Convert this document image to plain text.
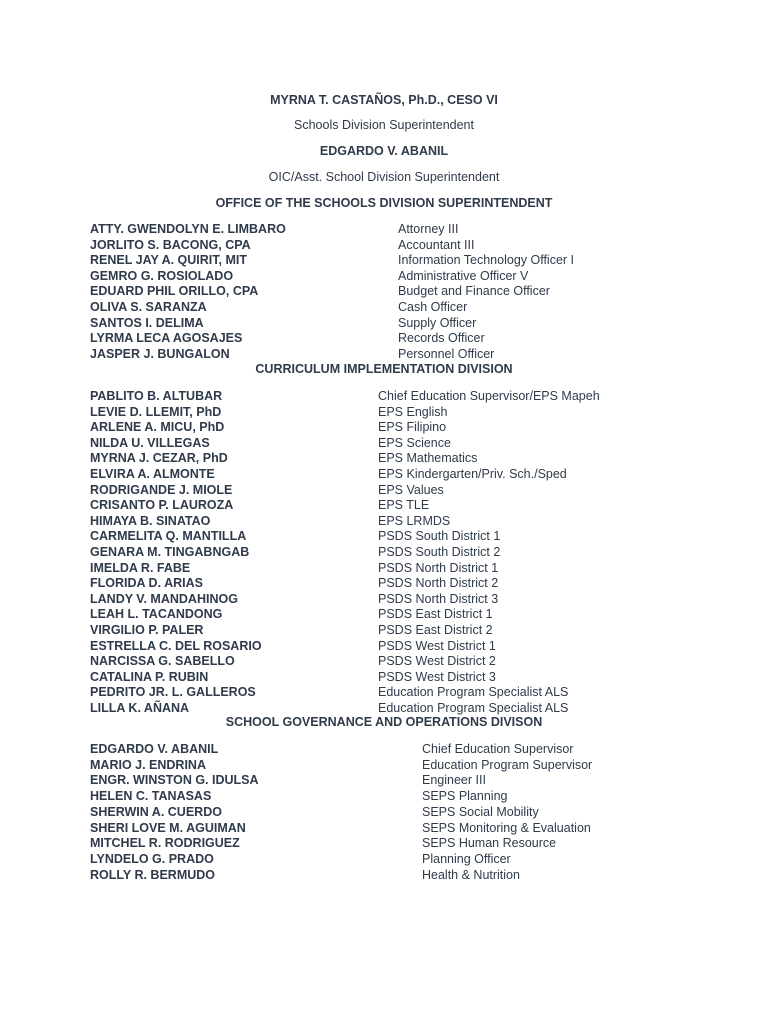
MYRNA T. CASTAÑOS, Ph.D., CESO VI
Schools Division Superintendent
EDGARDO V. ABANIL
OIC/Asst. School Division Superintendent
OFFICE OF THE SCHOOLS DIVISION SUPERINTENDENT
ATTY. GWENDOLYN E. LIMBARO	Attorney III
JORLITO S. BACONG, CPA	Accountant III
RENEL JAY A. QUIRIT, MIT	Information Technology Officer I
GEMRO G. ROSIOLADO	Administrative Officer V
EDUARD PHIL ORILLO, CPA	Budget and Finance Officer
OLIVA S. SARANZA	Cash Officer
SANTOS I. DELIMA	Supply Officer
LYRMA LECA AGOSAJES	Records Officer
JASPER J. BUNGALON	Personnel Officer
CURRICULUM IMPLEMENTATION DIVISION
PABLITO B. ALTUBAR	Chief Education Supervisor/EPS Mapeh
LEVIE D. LLEMIT, PhD	EPS English
ARLENE A. MICU, PhD	EPS Filipino
NILDA U. VILLEGAS	EPS Science
MYRNA J. CEZAR, PhD	EPS Mathematics
ELVIRA A. ALMONTE	EPS Kindergarten/Priv. Sch./Sped
RODRIGANDE J. MIOLE	EPS Values
CRISANTO P. LAUROZA	EPS TLE
HIMAYA B. SINATAO	EPS LRMDS
CARMELITA Q. MANTILLA	PSDS South District 1
GENARA M. TINGABNGAB	PSDS South District 2
IMELDA R. FABE	PSDS North District 1
FLORIDA D. ARIAS	PSDS North District 2
LANDY V. MANDAHINOG	PSDS North District 3
LEAH L. TACANDONG	PSDS East District 1
VIRGILIO P. PALER	PSDS East District 2
ESTRELLA C. DEL ROSARIO	PSDS West District 1
NARCISSA G. SABELLO	PSDS West District 2
CATALINA P. RUBIN	PSDS West District 3
PEDRITO JR. L. GALLEROS	Education Program Specialist ALS
LILLA K. AÑANA	Education Program Specialist ALS
SCHOOL GOVERNANCE AND OPERATIONS DIVISON
EDGARDO V. ABANIL	Chief Education Supervisor
MARIO J. ENDRINA	Education Program Supervisor
ENGR. WINSTON G. IDULSA	Engineer III
HELEN C. TANASAS	SEPS Planning
SHERWIN A. CUERDO	SEPS Social Mobility
SHERI LOVE M. AGUIMAN	SEPS Monitoring & Evaluation
MITCHEL R. RODRIGUEZ	SEPS Human Resource
LYNDELO G. PRADO	Planning Officer
ROLLY R. BERMUDO	Health & Nutrition
